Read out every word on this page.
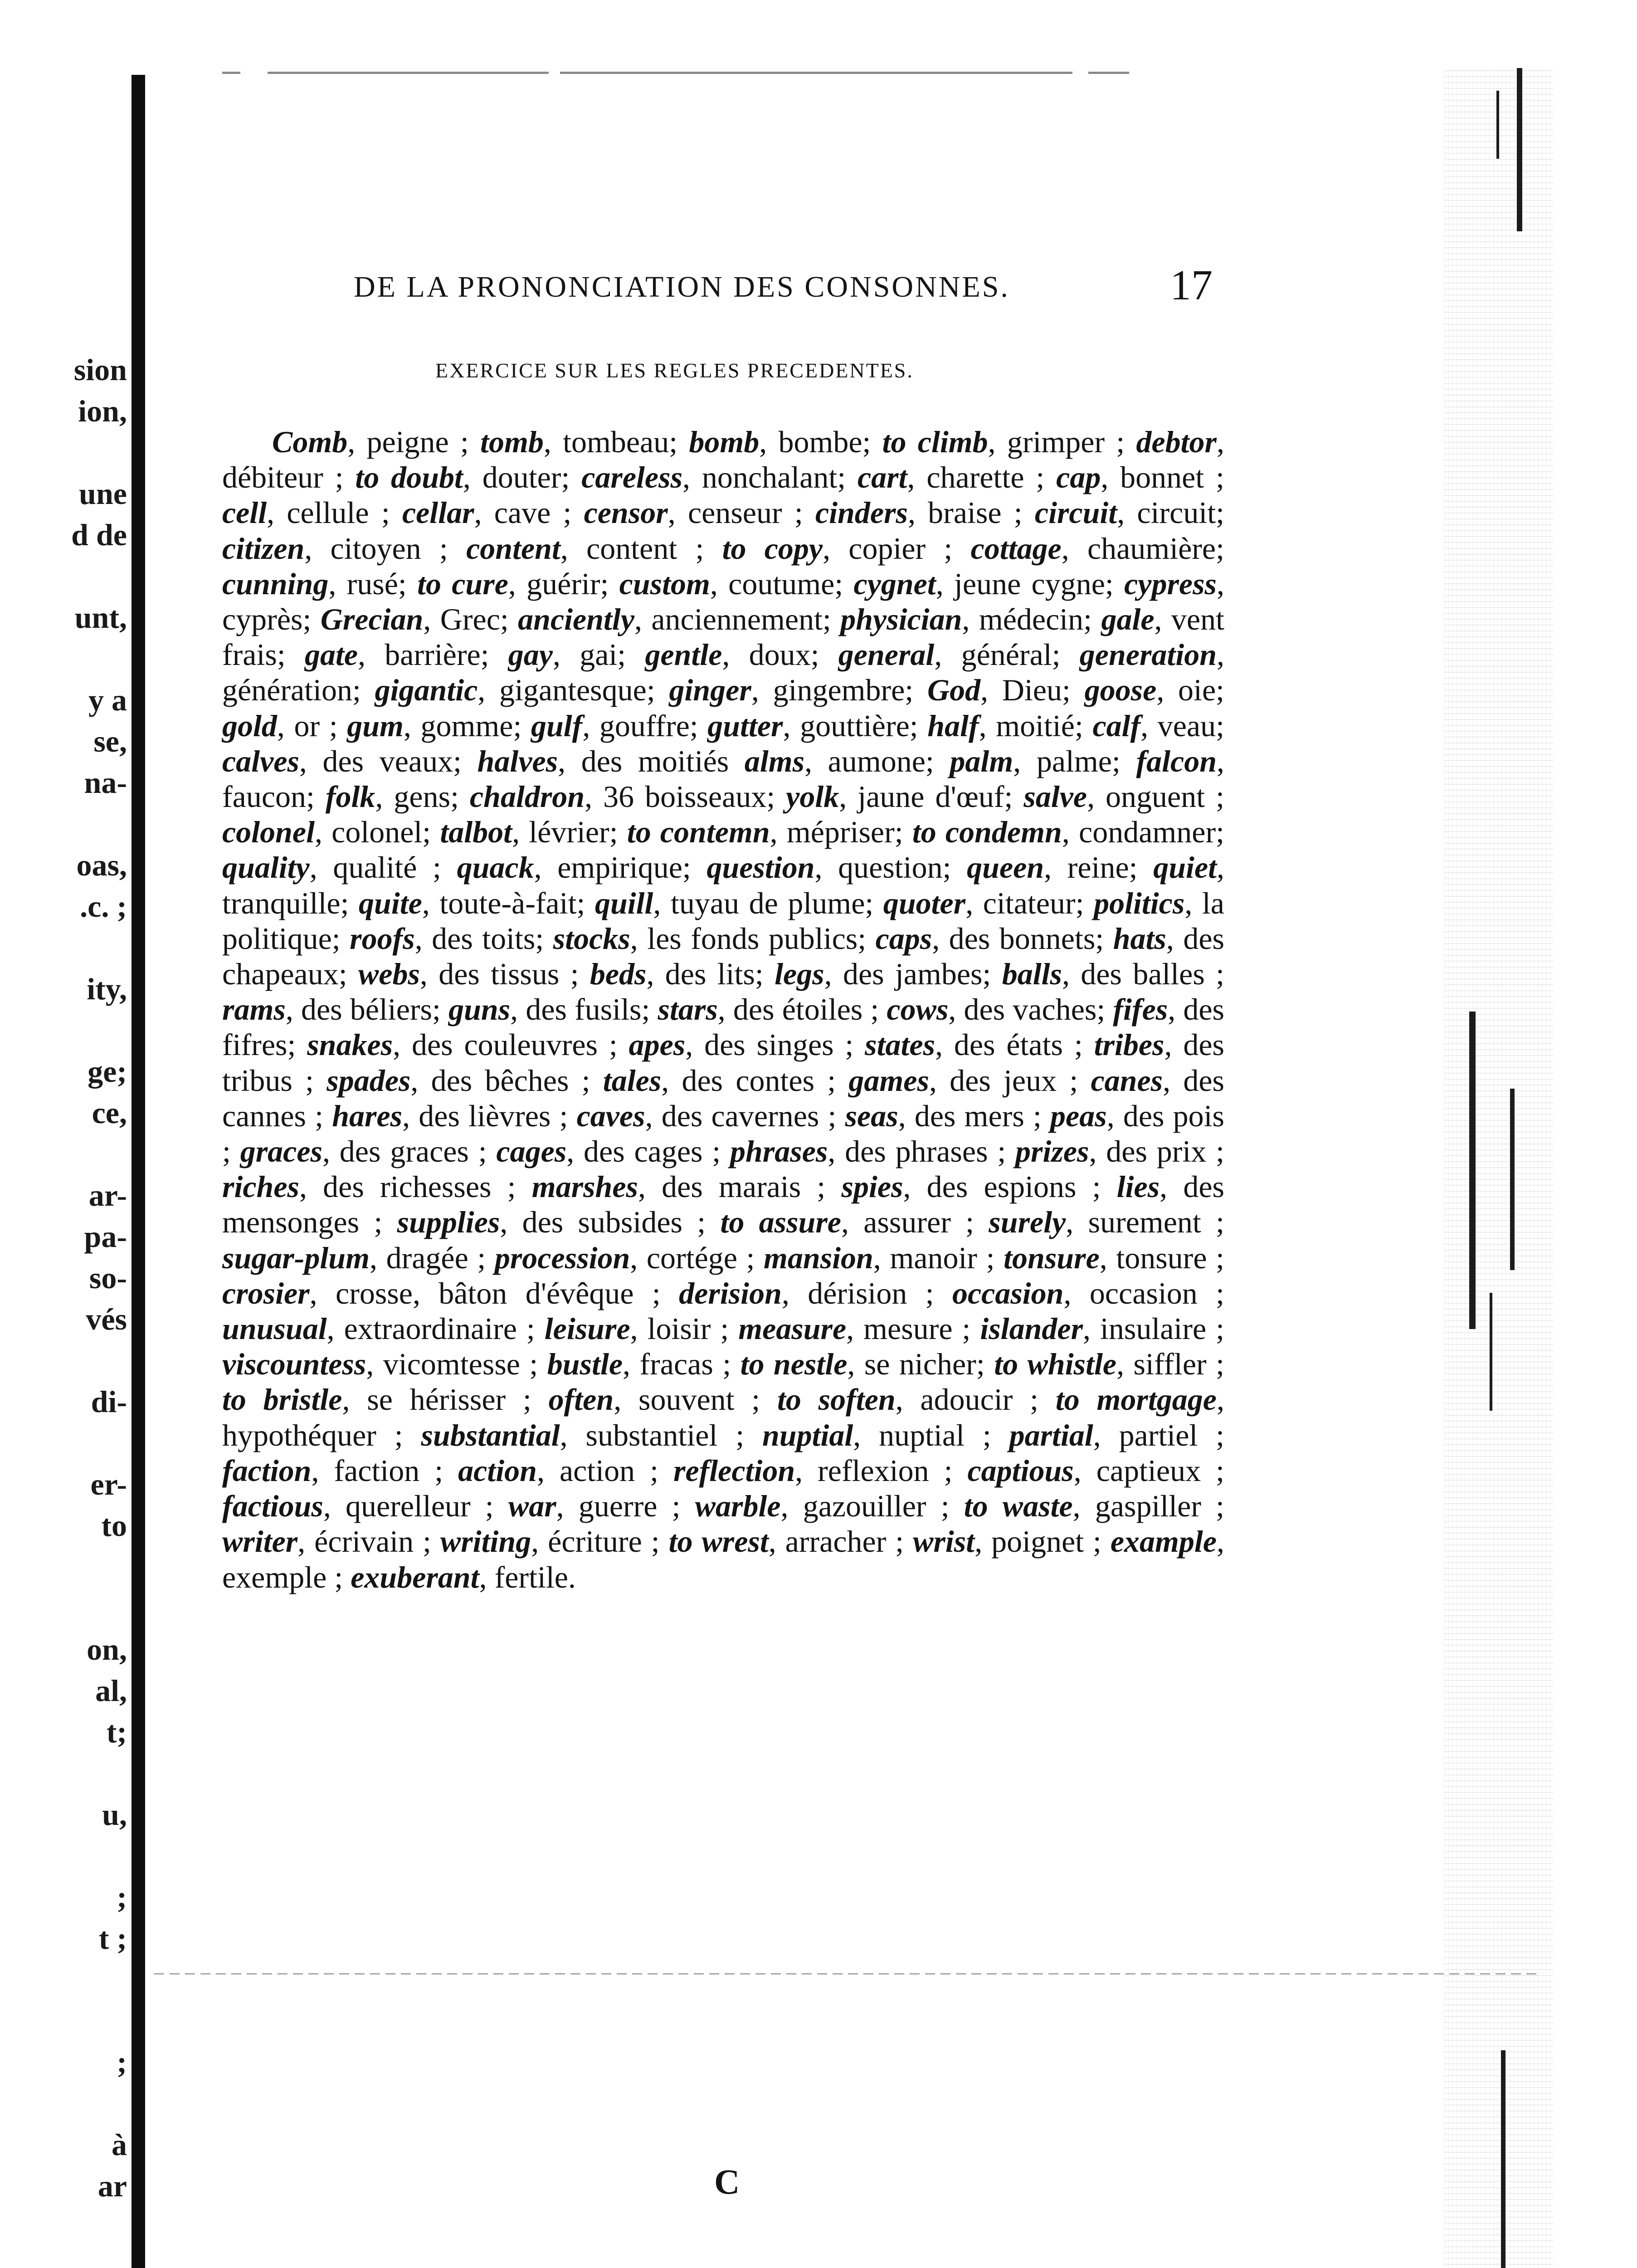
sion
ion,
une
d de
unt,
y a
se,
na-
oas,
.c. ;
ity,
ge;
ce,
ar-
pa-
so-
vés
di-
er-
to
on,
al,
t;
u,
;
t ;
;
à
ar
DE LA PRONONCIATION DES CONSONNES.	17
EXERCICE SUR LES REGLES PRECEDENTES.

Comb, peigne ; tomb, tombeau; bomb, bombe; to climb, grimper ; debtor, débiteur ; to doubt, douter; careless, nonchalant; cart, charette ; cap, bonnet ; cell, cellule ; cellar, cave ; censor, censeur ; cinders, braise ; circuit, circuit; citizen, citoyen ; content, content ; to copy, copier ; cottage, chaumière; cunning, rusé; to cure, guérir; custom, coutume; cygnet, jeune cygne; cypress, cyprès; Grecian, Grec; anciently, anciennement; physician, médecin; gale, vent frais; gate, barrière; gay, gai; gentle, doux; general, général; generation, génération; gigantic, gigantesque; ginger, gingembre; God, Dieu; goose, oie; gold, or ; gum, gomme; gulf, gouffre; gutter, gouttière; half, moitié; calf, veau; calves, des veaux; halves, des moitiés alms, aumone; palm, palme; falcon, faucon; folk, gens; chaldron, 36 boisseaux; yolk, jaune d'œuf; salve, onguent ; colonel, colonel; talbot, lévrier; to contemn, mépriser; to condemn, condamner; quality, qualité ; quack, empirique; question, question; queen, reine; quiet, tranquille; quite, toute-à-fait; quill, tuyau de plume; quoter, citateur; politics, la politique; roofs, des toits; stocks, les fonds publics; caps, des bonnets; hats, des chapeaux; webs, des tissus ; beds, des lits; legs, des jambes; balls, des balles ; rams, des béliers; guns, des fusils; stars, des étoiles ; cows, des vaches; fifes, des fifres; snakes, des couleuvres ; apes, des singes ; states, des états ; tribes, des tribus ; spades, des bêches ; tales, des contes ; games, des jeux ; canes, des cannes ; hares, des lièvres ; caves, des cavernes ; seas, des mers ; peas, des pois ; graces, des graces ; cages, des cages ; phrases, des phrases ; prizes, des prix ; riches, des richesses ; marshes, des marais ; spies, des espions ; lies, des mensonges ; supplies, des subsides ; to assure, assurer ; surely, surement ; sugar-plum, dragée ; procession, cortége ; mansion, manoir ; tonsure, tonsure ; crosier, crosse, bâton d'évêque ; derision, dérision ; occasion, occasion ; unusual, extraordinaire ; leisure, loisir ; measure, mesure ; islander, insulaire ; viscountess, vicomtesse ; bustle, fracas ; to nestle, se nicher; to whistle, siffler ; to bristle, se hérisser ; often, souvent ; to soften, adoucir ; to mortgage, hypothéquer ; substantial, substantiel ; nuptial, nuptial ; partial, partiel ; faction, faction ; action, action ; reflection, reflexion ; captious, captieux ; factious, querelleur ; war, guerre ; warble, gazouiller ; to waste, gaspiller ; writer, écrivain ; writing, écriture ; to wrest, arracher ; wrist, poignet ; example, exemple ; exuberant, fertile.

C
